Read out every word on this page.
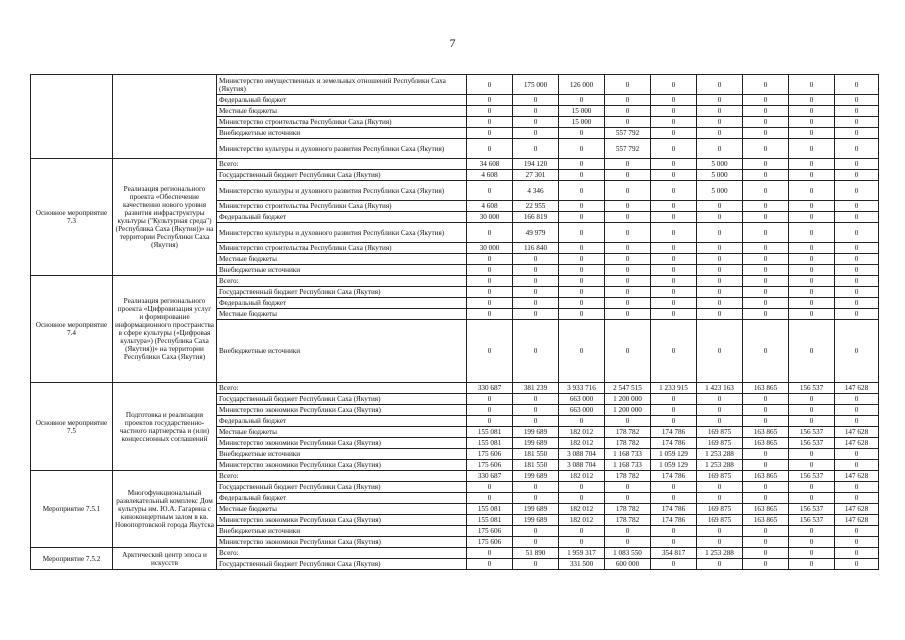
7
		Министерство имущественных и земельных отношений Республики Саха (Якутия)	0	175 000	126 000	0	0	0	0	0	0
		Федеральный бюджет	0	0	0	0	0	0	0	0	0
		Местные бюджеты	0	0	15 000	0	0	0	0	0	0
		Министерство строительства Республики Саха (Якутия)	0	0	15 000	0	0	0	0	0	0
		Внебюджетные источники	0	0	0	557 792	0	0	0	0	0
		Министерство культуры и духовного развития Республики Саха (Якутия)	0	0	0	557 792	0	0	0	0	0
Основное мероприятие 7.3	Реализация регионального проекта «Обеспечение качественно нового уровня развития инфраструктуры культуры ("Культурная среда") (Республика Саха (Якутия))» на территории Республики Саха (Якутия)	Всего:	34 608	194 120	0	0	0	5 000	0	0	0
		Государственный бюджет Республики Саха (Якутия)	4 608	27 301	0	0	0	5 000	0	0	0
		Министерство культуры и духовного развития Республики Саха (Якутия)	0	4 346	0	0	0	5 000	0	0	0
		Министерство строительства Республики Саха (Якутия)	4 608	22 955	0	0	0	0	0	0	0
		Федеральный бюджет	30 000	166 819	0	0	0	0	0	0	0
		Министерство культуры и духовного развития Республики Саха (Якутия)	0	49 979	0	0	0	0	0	0	0
		Министерство строительства Республики Саха (Якутия)	30 000	116 840	0	0	0	0	0	0	0
		Местные бюджеты	0	0	0	0	0	0	0	0	0
		Внебюджетные источники	0	0	0	0	0	0	0	0	0
Основное мероприятие 7.4	Реализация регионального проекта «Цифровизация услуг и формирование информационного пространства в сфере культуры («Цифровая культура») (Республика Саха (Якутия))» на территории Республики Саха (Якутия)	Всего:	0	0	0	0	0	0	0	0	0
		Государственный бюджет Республики Саха (Якутия)	0	0	0	0	0	0	0	0	0
		Федеральный бюджет	0	0	0	0	0	0	0	0	0
		Местные бюджеты	0	0	0	0	0	0	0	0	0
		Внебюджетные источники	0	0	0	0	0	0	0	0	0
Основное мероприятие 7.5	Подготовка и реализация проектов государственно-частного партнерства и (или) концессионных соглашений	Всего:	330 687	381 239	3 933 716	2 547 515	1 233 915	1 423 163	163 865	156 537	147 628
		Государственный бюджет Республики Саха (Якутия)	0	0	663 000	1 200 000	0	0	0	0	0
		Министерство экономики Республики Саха (Якутия)	0	0	663 000	1 200 000	0	0	0	0	0
		Федеральный бюджет	0	0	0	0	0	0	0	0	0
		Местные бюджеты	155 081	199 689	182 012	178 782	174 786	169 875	163 865	156 537	147 628
		Министерство экономики Республики Саха (Якутия)	155 081	199 689	182 012	178 782	174 786	169 875	163 865	156 537	147 628
		Внебюджетные источники	175 606	181 550	3 088 704	1 168 733	1 059 129	1 253 288	0	0	0
		Министерство экономики Республики Саха (Якутия)	175 606	181 550	3 088 704	1 168 733	1 059 129	1 253 288	0	0	0
Мероприятие 7.5.1	Многофункциональный развлекательный комплекс Дом культуры им. Ю.А. Гагарина с киноконцертным залом в кв. Новопортовской города Якутска	Всего:	330 687	199 689	182 012	178 782	174 786	169 875	163 865	156 537	147 628
		Государственный бюджет Республики Саха (Якутия)	0	0	0	0	0	0	0	0	0
		Федеральный бюджет	0	0	0	0	0	0	0	0	0
		Местные бюджеты	155 081	199 689	182 012	178 782	174 786	169 875	163 865	156 537	147 628
		Министерство экономики Республики Саха (Якутия)	155 081	199 689	182 012	178 782	174 786	169 875	163 865	156 537	147 628
		Внебюджетные источники	175 606	0	0	0	0	0	0	0	0
		Министерство экономики Республики Саха (Якутия)	175 606	0	0	0	0	0	0	0	0
Мероприятие 7.5.2	Арктический центр эпоса и искусств	Всего:	0	51 890	1 959 317	1 083 550	354 817	1 253 288	0	0	0
		Государственный бюджет Республики Саха (Якутия)	0	0	331 500	600 000	0	0	0	0	0
